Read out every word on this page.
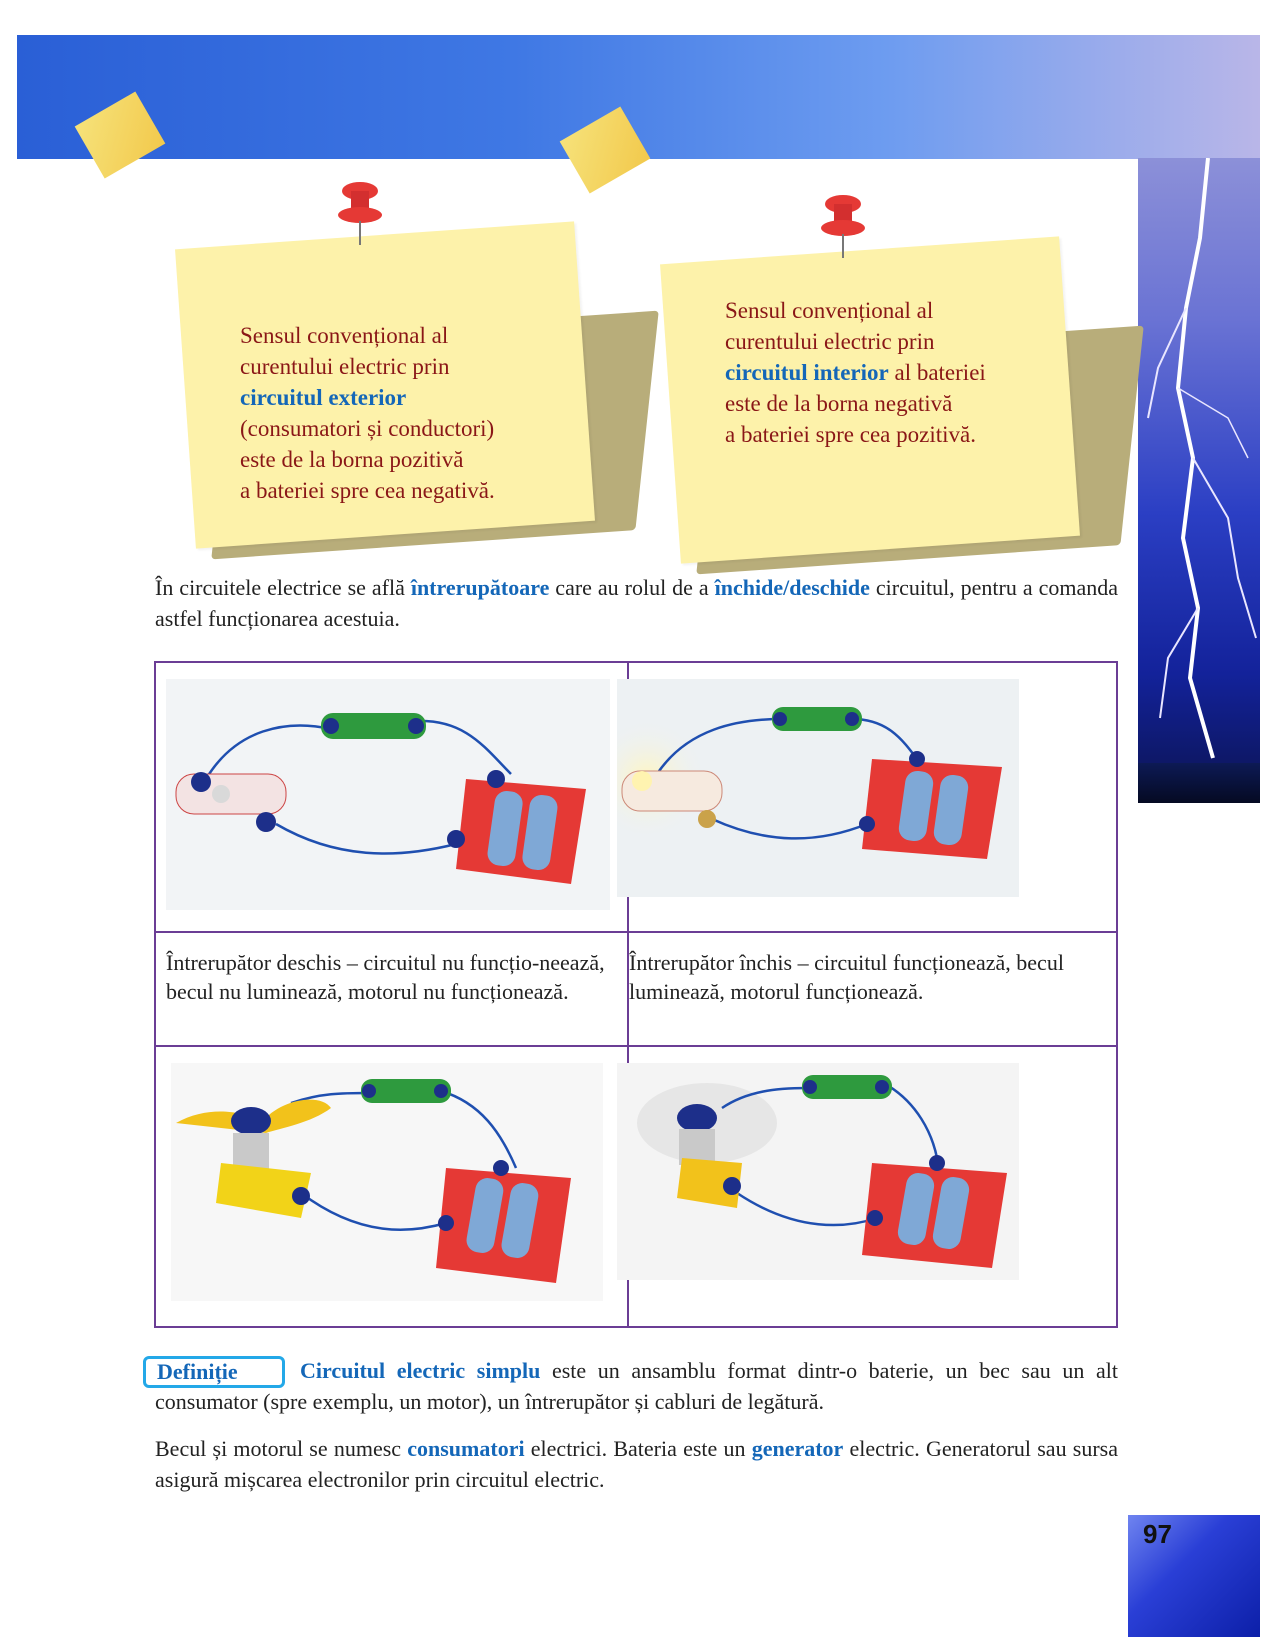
Sensul convențional al
curentului electric prin
circuitul exterior
(consumatori și conductori)
este de la borna pozitivă
a bateriei spre cea negativă.
Sensul convențional al
curentului electric prin
circuitul interior al bateriei
este de la borna negativă
a bateriei spre cea pozitivă.
În circuitele electrice se află întrerupătoare care au rolul de a închide/deschide circuitul, pentru a comanda astfel funcționarea acestuia.
Întrerupător deschis – circuitul nu funcțio-neează, becul nu luminează, motorul nu funcționează.
Întrerupător închis – circuitul funcționează, becul luminează, motorul funcționează.
Definiție	Circuitul electric simplu este un ansamblu format dintr-o baterie, un bec sau un alt consumator (spre exemplu, un motor), un întrerupător și cabluri de legătură.
Becul și motorul se numesc consumatori electrici. Bateria este un generator electric. Generatorul sau sursa asigură mișcarea electronilor prin circuitul electric.
97
